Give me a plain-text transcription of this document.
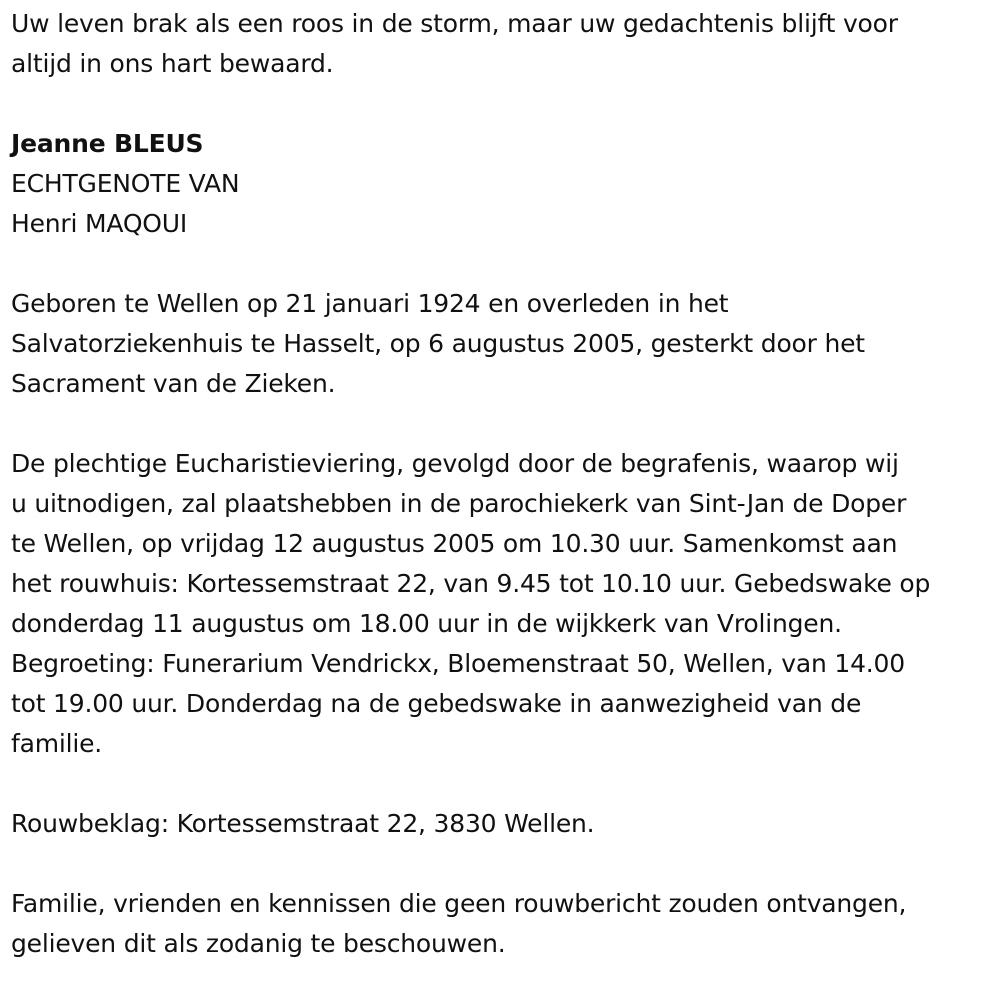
Uw leven brak als een roos in de storm, maar uw gedachtenis blijft voor

altijd in ons hart bewaard.

Jeanne BLEUS

ECHTGENOTE VAN

Henri MAQOUI

Geboren te Wellen op 21 januari 1924 en overleden in het

Salvatorziekenhuis te Hasselt, op 6 augustus 2005, gesterkt door het

Sacrament van de Zieken.

De plechtige Eucharistieviering, gevolgd door de begrafenis, waarop wij

u uitnodigen, zal plaatshebben in de parochiekerk van Sint-Jan de Doper

te Wellen, op vrijdag 12 augustus 2005 om 10.30 uur. Samenkomst aan

het rouwhuis: Kortessemstraat 22, van 9.45 tot 10.10 uur. Gebedswake op

donderdag 11 augustus om 18.00 uur in de wijkkerk van Vrolingen.

Begroeting: Funerarium Vendrickx, Bloemenstraat 50, Wellen, van 14.00

tot 19.00 uur. Donderdag na de gebedswake in aanwezigheid van de

familie.

Rouwbeklag: Kortessemstraat 22, 3830 Wellen.

Familie, vrienden en kennissen die geen rouwbericht zouden ontvangen,

gelieven dit als zodanig te beschouwen.
